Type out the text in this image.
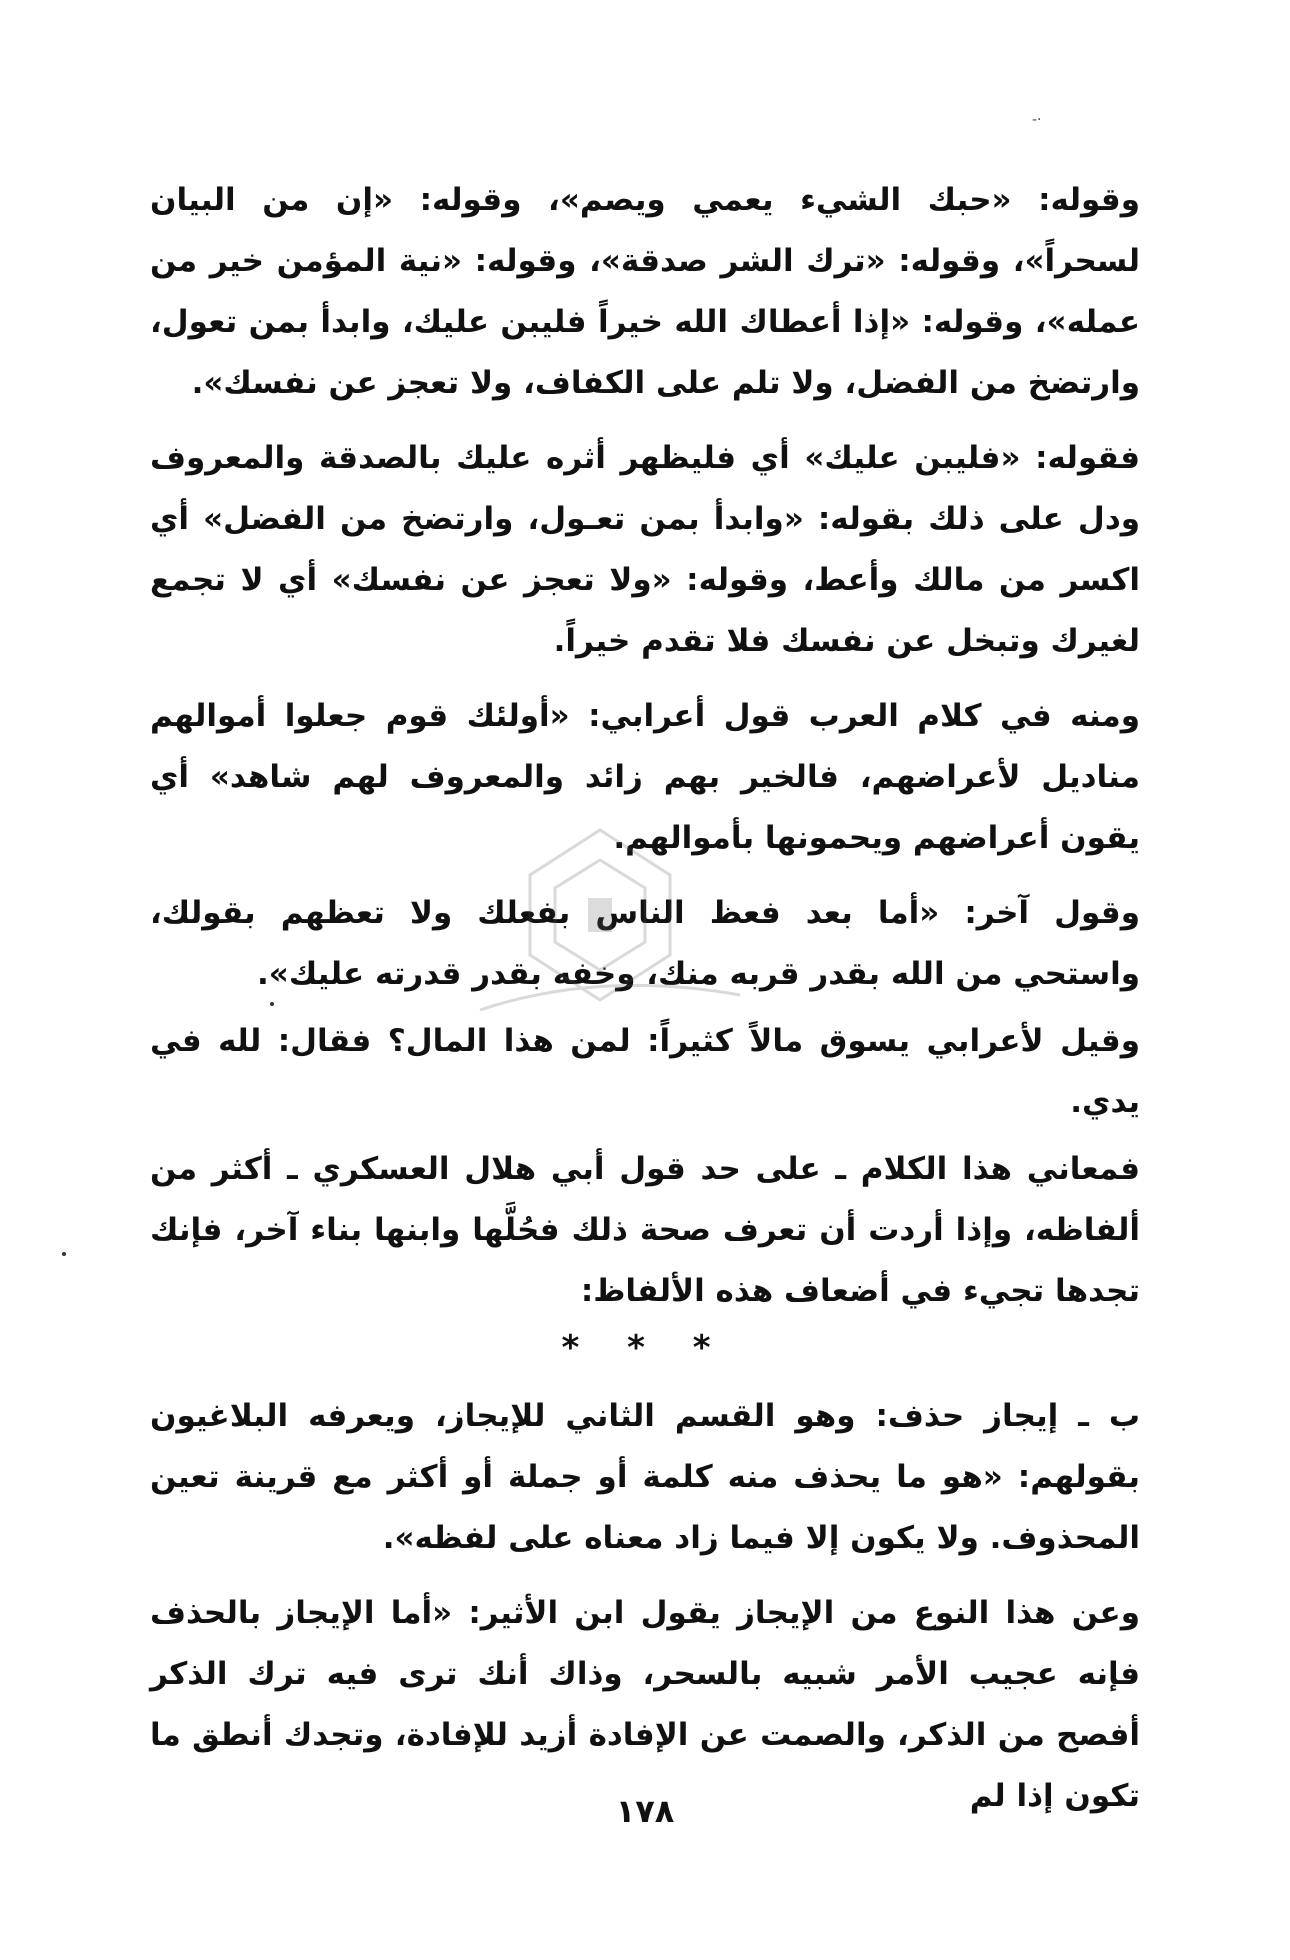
-·

وقوله: «حبك الشيء يعمي ويصم»، وقوله: «إن من البيان لسحراً»، وقوله: «ترك الشر صدقة»، وقوله: «نية المؤمن خير من عمله»، وقوله: «إذا أعطاك الله خيراً فليبن عليك، وابدأ بمن تعول، وارتضخ من الفضل، ولا تلم على الكفاف، ولا تعجز عن نفسك».

فقوله: «فليبن عليك» أي فليظهر أثره عليك بالصدقة والمعروف ودل على ذلك بقوله: «وابدأ بمن تعـول، وارتضخ من الفضل» أي اكسر من مالك وأعط، وقوله: «ولا تعجز عن نفسك» أي لا تجمع لغيرك وتبخل عن نفسك فلا تقدم خيراً.

ومنه في كلام العرب قول أعرابي: «أولئك قوم جعلوا أموالهم مناديل لأعراضهم، فالخير بهم زائد والمعروف لهم شاهد» أي يقون أعراضهم ويحمونها بأموالهم.

وقول آخر: «أما بعد فعظ الناس بفعلك ولا تعظهم بقولك، واستحي من الله بقدر قربه منك، وخفه بقدر قدرته عليك».

وقيل لأعرابي يسوق مالاً كثيراً: لمن هذا المال؟ فقال: لله في يدي.

فمعاني هذا الكلام ـ على حد قول أبي هلال العسكري ـ أكثر من ألفاظه، وإذا أردت أن تعرف صحة ذلك فحُلَّها وابنها بناء آخر، فإنك تجدها تجيء في أضعاف هذه الألفاظ:

* * *

ب ـ إيجاز حذف: وهو القسم الثاني للإيجاز، ويعرفه البلاغيون بقولهم: «هو ما يحذف منه كلمة أو جملة أو أكثر مع قرينة تعين المحذوف. ولا يكون إلا فيما زاد معناه على لفظه».

وعن هذا النوع من الإيجاز يقول ابن الأثير: «أما الإيجاز بالحذف فإنه عجيب الأمر شبيه بالسحر، وذاك أنك ترى فيه ترك الذكر أفصح من الذكر، والصمت عن الإفادة أزيد للإفادة، وتجدك أنطق ما تكون إذا لم

١٧٨
